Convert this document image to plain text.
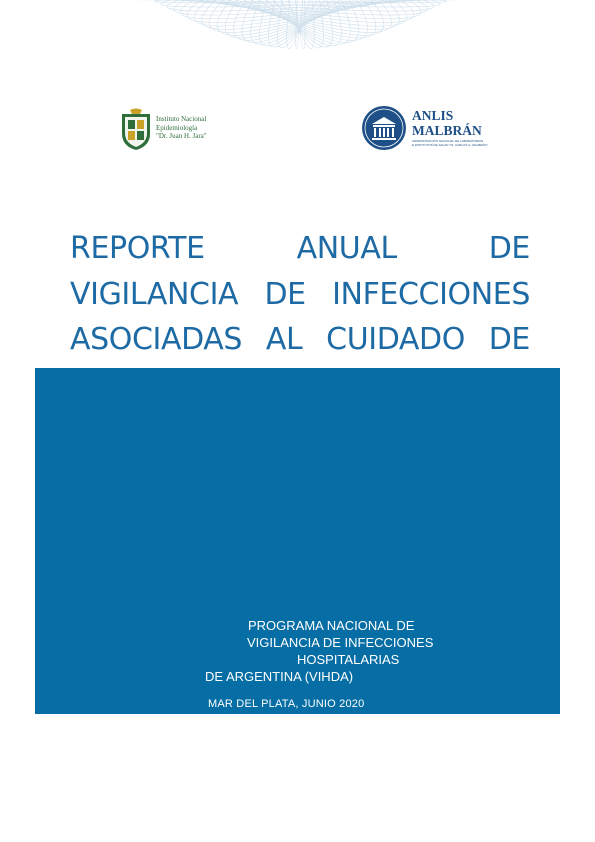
Instituto Nacional
Epidemiología
"Dr. Juan H. Jara"
ANLIS
MALBRÁN
ADMINISTRACIÓN NACIONAL DE LABORATORIOS
E INSTITUTOS DE SALUD "Dr. CARLOS G. MALBRÁN"
REPORTE	ANUAL	DE
VIGILANCIA DE INFECCIONES
ASOCIADAS AL CUIDADO DE
PROGRAMA NACIONAL DE
VIGILANCIA DE INFECCIONES
HOSPITALARIAS
DE ARGENTINA (VIHDA)
MAR DEL PLATA, JUNIO 2020
